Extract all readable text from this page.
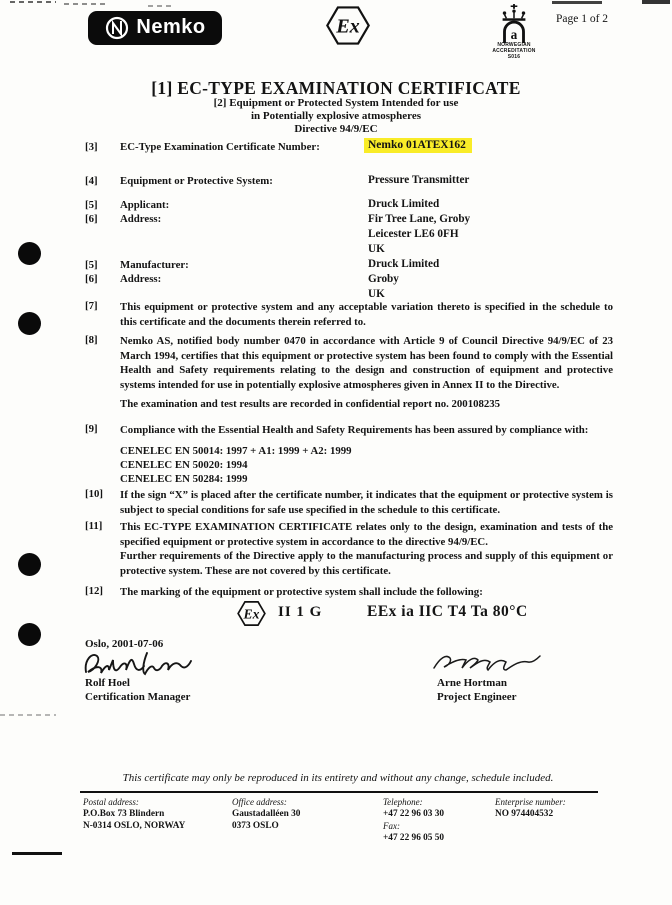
Nemko	Ex	a
NORWEGIAN
ACCREDITATION
S016
Page 1 of 2
[1] EC-TYPE EXAMINATION CERTIFICATE
[2] Equipment or Protected System Intended for use
in Potentially explosive atmospheres
Directive 94/9/EC
[3] EC-Type Examination Certificate Number:	Nemko 01ATEX162
[4] Equipment or Protective System:	Pressure Transmitter
[5] Applicant:	Druck Limited
[6] Address:	Fir Tree Lane, Groby
Leicester LE6 0FH
UK
[5] Manufacturer:	Druck Limited
[6] Address:	Groby
UK
[7] This equipment or protective system and any acceptable variation thereto is specified in the schedule to this certificate and the documents therein referred to.
[8] Nemko AS, notified body number 0470 in accordance with Article 9 of Council Directive 94/9/EC of 23 March 1994, certifies that this equipment or protective system has been found to comply with the Essential Health and Safety requirements relating to the design and construction of equipment and protective systems intended for use in potentially explosive atmospheres given in Annex II to the Directive.
The examination and test results are recorded in confidential report no. 200108235
[9] Compliance with the Essential Health and Safety Requirements has been assured by compliance with:
CENELEC EN 50014: 1997 + A1: 1999 + A2: 1999
CENELEC EN 50020: 1994
CENELEC EN 50284: 1999
[10] If the sign “X” is placed after the certificate number, it indicates that the equipment or protective system is subject to special conditions for safe use specified in the schedule to this certificate.
[11] This EC-TYPE EXAMINATION CERTIFICATE relates only to the design, examination and tests of the specified equipment or protective system in accordance to the directive 94/9/EC.
Further requirements of the Directive apply to the manufacturing process and supply of this equipment or protective system. These are not covered by this certificate.
[12] The marking of the equipment or protective system shall include the following:
Ex II 1 G	EEx ia IIC T4 Ta 80°C
Oslo, 2001-07-06
Rolf Hoel
Certification Manager
Arne Hortman
Project Engineer
This certificate may only be reproduced in its entirety and without any change, schedule included.
Postal address:
P.O.Box 73 Blindern
N-0314 OSLO, NORWAY
Office address:
Gaustadalléen 30
0373 OSLO
Telephone:
+47 22 96 03 30
Fax:
+47 22 96 05 50
Enterprise number:
NO 974404532
